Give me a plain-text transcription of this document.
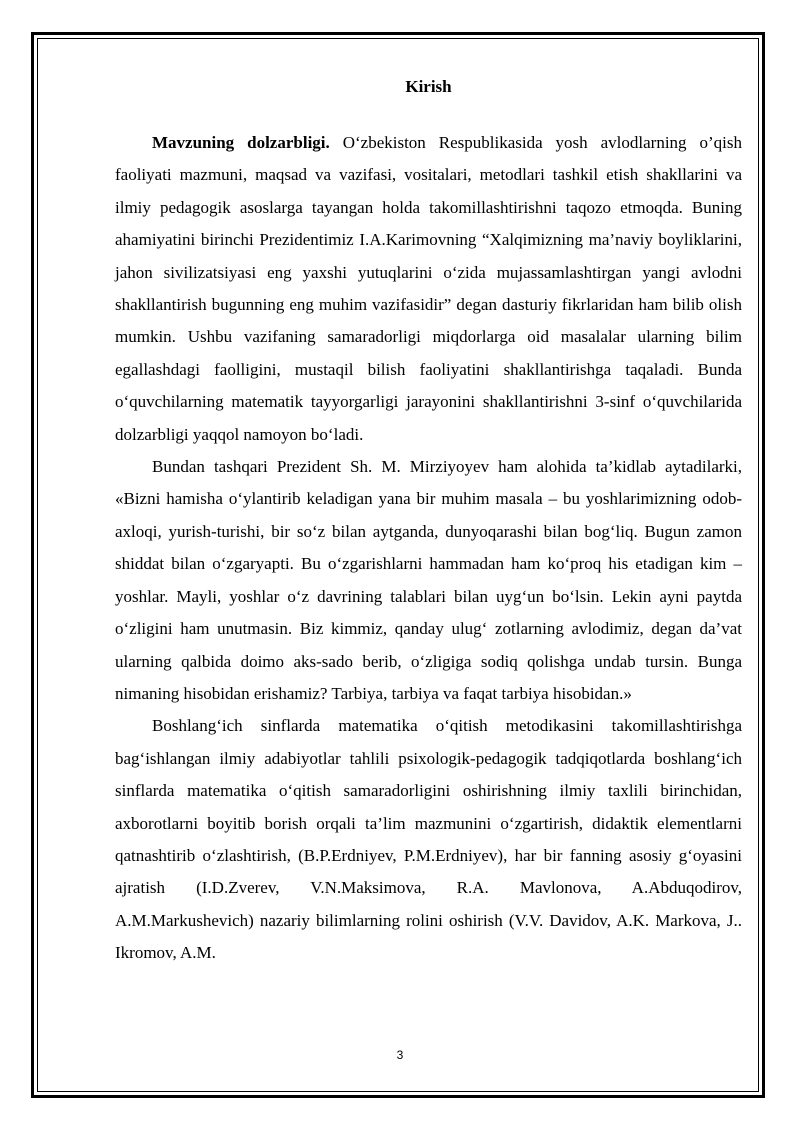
Kirish

Mavzuning dolzarbligi. O‘zbekiston Respublikasida yosh avlodlarning o’qish faoliyati mazmuni, maqsad va vazifasi, vositalari, metodlari tashkil etish shakllarini va ilmiy pedagogik asoslarga tayangan holda takomillashtirishni taqozo etmoqda. Buning ahamiyatini birinchi Prezidentimiz I.A.Karimovning “Xalqimizning ma’naviy boyliklarini, jahon sivilizatsiyasi eng yaxshi yutuqlarini o‘zida mujassamlashtirgan yangi avlodni shakllantirish bugunning eng muhim vazifasidir” degan dasturiy fikrlaridan ham bilib olish mumkin. Ushbu vazifaning samaradorligi miqdorlarga oid masalalar ularning bilim egallashdagi faolligini, mustaqil bilish faoliyatini shakllantirishga taqaladi. Bunda o‘quvchilarning matematik tayyorgarligi jarayonini shakllantirishni 3-sinf o‘quvchilarida dolzarbligi yaqqol namoyon bo‘ladi.

Bundan tashqari Prezident Sh. M. Mirziyoyev ham alohida ta’kidlab aytadilarki, «Bizni hamisha o‘ylantirib keladigan yana bir muhim masala – bu yoshlarimizning odob-axloqi, yurish-turishi, bir so‘z bilan aytganda, dunyoqarashi bilan bog‘liq. Bugun zamon shiddat bilan o‘zgaryapti. Bu o‘zgarishlarni hammadan ham ko‘proq his etadigan kim – yoshlar. Mayli, yoshlar o‘z davrining talablari bilan uyg‘un bo‘lsin. Lekin ayni paytda o‘zligini ham unutmasin. Biz kimmiz, qanday ulug‘ zotlarning avlodimiz, degan da’vat ularning qalbida doimo aks-sado berib, o‘zligiga sodiq qolishga undab tursin. Bunga nimaning hisobidan erishamiz? Tarbiya, tarbiya va faqat tarbiya hisobidan.»

Boshlang‘ich sinflarda matematika o‘qitish metodikasini takomillashtirishga bag‘ishlangan ilmiy adabiyotlar tahlili psixologik-pedagogik tadqiqotlarda boshlang‘ich sinflarda matematika o‘qitish samaradorligini oshirishning ilmiy taxlili birinchidan, axborotlarni boyitib borish orqali ta’lim mazmunini o‘zgartirish, didaktik elementlarni qatnashtirib o‘zlashtirish, (B.P.Erdniyev, P.M.Erdniyev), har bir fanning asosiy g‘oyasini ajratish (I.D.Zverev, V.N.Maksimova, R.A. Mavlonova, A.Abduqodirov, A.M.Markushevich) nazariy bilimlarning rolini oshirish (V.V. Davidov, A.K. Markova, J.. Ikromov, A.M.

3
